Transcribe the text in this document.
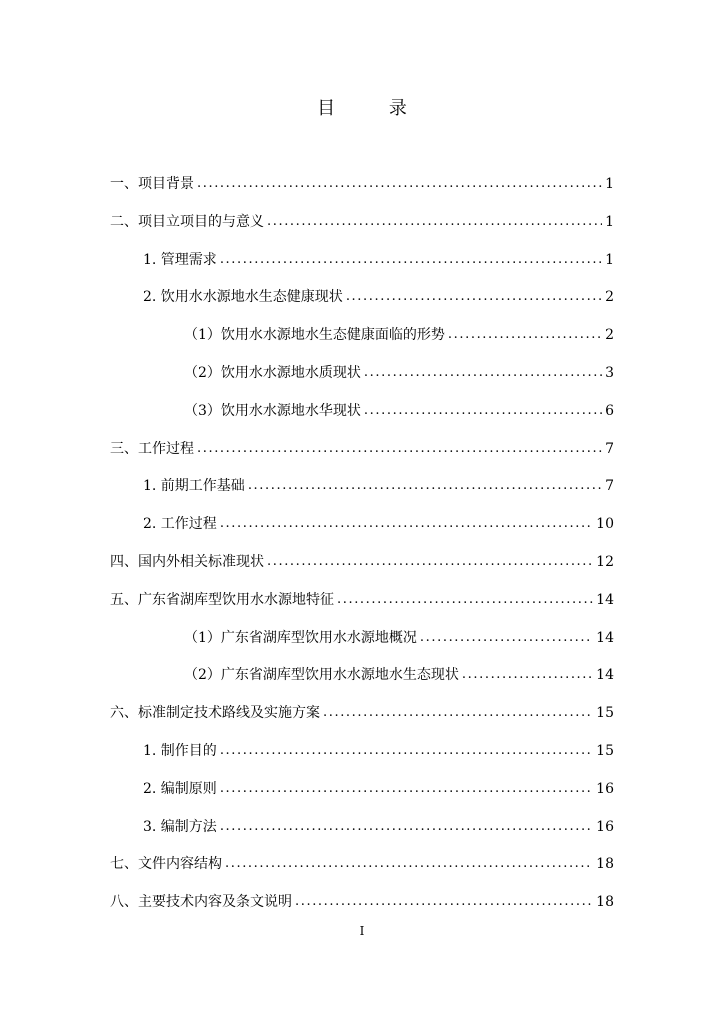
目 录
一、项目背景 .....	1
二、项目立项目的与意义 .....	1
1. 管理需求 .....	1
2. 饮用水水源地水生态健康现状 .....	2
（1）饮用水水源地水生态健康面临的形势 .....	2
（2）饮用水水源地水质现状 .....	3
（3）饮用水水源地水华现状 .....	6
三、工作过程 .....	7
1. 前期工作基础 .....	7
2. 工作过程 .....	10
四、国内外相关标准现状 .....	12
五、广东省湖库型饮用水水源地特征 .....	14
（1）广东省湖库型饮用水水源地概况 .....	14
（2）广东省湖库型饮用水水源地水生态现状 .....	14
六、标准制定技术路线及实施方案 .....	15
1. 制作目的 .....	15
2. 编制原则 .....	16
3. 编制方法 .....	16
七、文件内容结构 .....	18
八、主要技术内容及条文说明 .....	18
I
